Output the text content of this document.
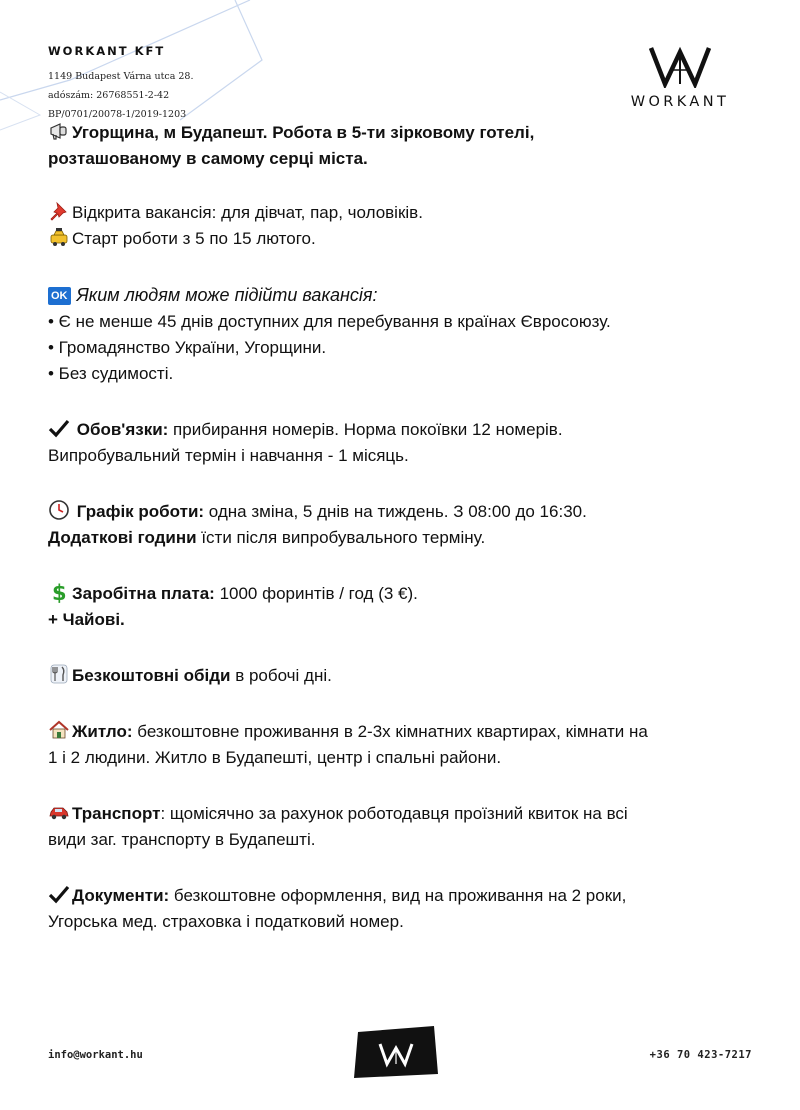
WORKANT KFT
1149 Budapest Várna utca 28.
adószám: 26768551-2-42
BP/0701/20078-1/2019-1203
WORKANT

Угорщина, м Будапешт. Робота в 5-ти зірковому готелі,
розташованому в самому серці міста.

Відкрита вакансія: для дівчат, пар, чоловіків.

Старт роботи з 5 по 15 лютого.

OK Яким людям може підійти вакансія:

• Є не менше 45 днів доступних для перебування в країнах Євросоюзу.

• Громадянство України, Угорщини.

• Без судимості.

Обов'язки: прибирання номерів. Норма покоївки 12 номерів.
Випробувальний термін і навчання - 1 місяць.

Графік роботи: одна зміна, 5 днів на тиждень. З 08:00 до 16:30.
Додаткові години їсти після випробувального терміну.

$ Заробітна плата: 1000 форинтів / год (3 €).
+ Чайові.

Безкоштовні обіди в робочі дні.

Житло: безкоштовне проживання в 2-3х кімнатних квартирах, кімнати на
1 і 2 людини. Житло в Будапешті, центр і спальні райони.

Транспорт: щомісячно за рахунок роботодавця проїзний квиток на всі
види заг. транспорту в Будапешті.

Документи: безкоштовне оформлення, вид на проживання на 2 роки,
Угорська мед. страховка і податковий номер.

info@workant.hu	+36 70 423-7217
